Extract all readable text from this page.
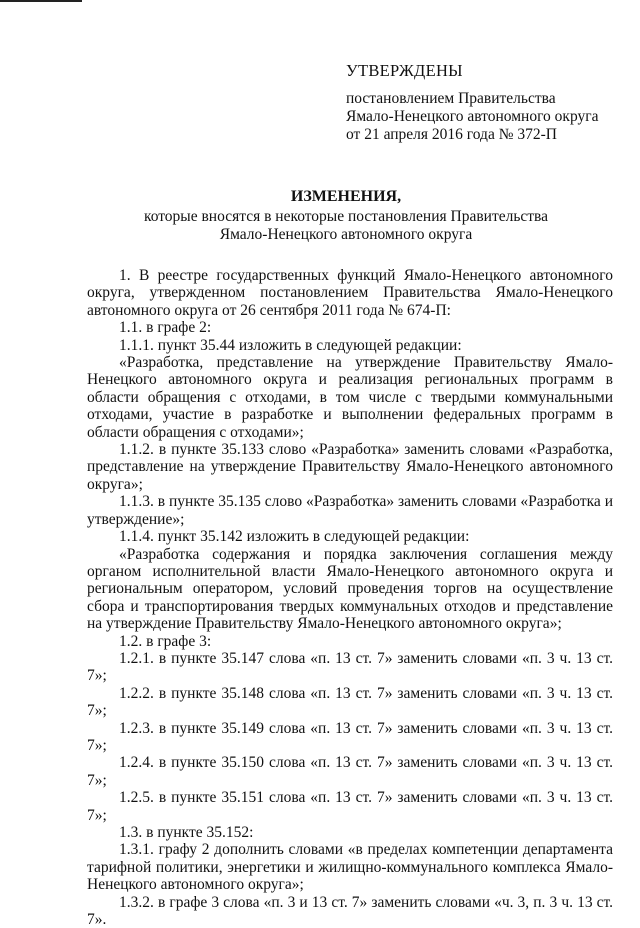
УТВЕРЖДЕНЫ
постановлением Правительства
Ямало-Ненецкого автономного округа
от 21 апреля 2016 года № 372-П
ИЗМЕНЕНИЯ,
которые вносятся в некоторые постановления Правительства
Ямало-Ненецкого автономного округа

1. В реестре государственных функций Ямало-Ненецкого автономного округа, утвержденном постановлением Правительства Ямало-Ненецкого автономного округа от 26 сентября 2011 года № 674-П:

1.1. в графе 2:

1.1.1. пункт 35.44 изложить в следующей редакции:

«Разработка, представление на утверждение Правительству Ямало-Ненецкого автономного округа и реализация региональных программ в области обращения с отходами, в том числе с твердыми коммунальными отходами, участие в разработке и выполнении федеральных программ в области обращения с отходами»;

1.1.2. в пункте 35.133 слово «Разработка» заменить словами «Разработка, представление на утверждение Правительству Ямало-Ненецкого автономного округа»;

1.1.3. в пункте 35.135 слово «Разработка» заменить словами «Разработка и утверждение»;

1.1.4. пункт 35.142 изложить в следующей редакции:

«Разработка содержания и порядка заключения соглашения между органом исполнительной власти Ямало-Ненецкого автономного округа и региональным оператором, условий проведения торгов на осуществление сбора и транспортирования твердых коммунальных отходов и представление на утверждение Правительству Ямало-Ненецкого автономного округа»;

1.2. в графе 3:

1.2.1. в пункте 35.147 слова «п. 13 ст. 7» заменить словами «п. 3 ч. 13 ст. 7»;

1.2.2. в пункте 35.148 слова «п. 13 ст. 7» заменить словами «п. 3 ч. 13 ст. 7»;

1.2.3. в пункте 35.149 слова «п. 13 ст. 7» заменить словами «п. 3 ч. 13 ст. 7»;

1.2.4. в пункте 35.150 слова «п. 13 ст. 7» заменить словами «п. 3 ч. 13 ст. 7»;

1.2.5. в пункте 35.151 слова «п. 13 ст. 7» заменить словами «п. 3 ч. 13 ст. 7»;

1.3. в пункте 35.152:

1.3.1. графу 2 дополнить словами «в пределах компетенции департамента тарифной политики, энергетики и жилищно-коммунального комплекса Ямало-Ненецкого автономного округа»;

1.3.2. в графе 3 слова «п. 3 и 13 ст. 7» заменить словами «ч. 3, п. 3 ч. 13 ст. 7».
